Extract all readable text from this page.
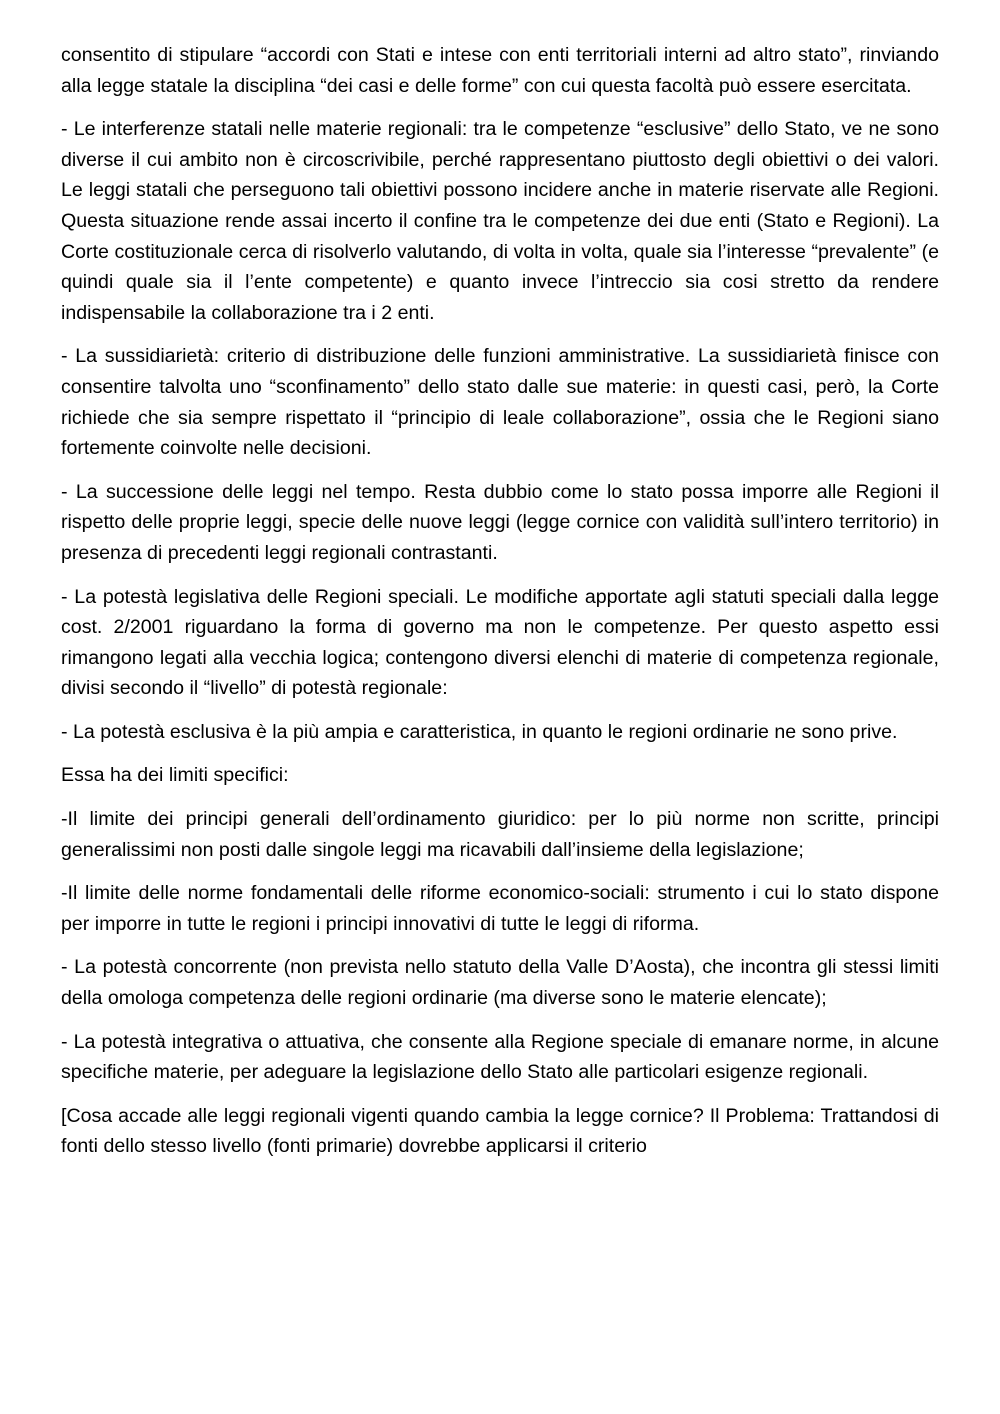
consentito di stipulare “accordi con Stati e intese con enti territoriali interni ad altro stato”, rinviando alla legge statale la disciplina “dei casi e delle forme” con cui questa facoltà può essere esercitata.

- Le interferenze statali nelle materie regionali: tra le competenze “esclusive” dello Stato, ve ne sono diverse il cui ambito non è circoscrivibile, perché rappresentano piuttosto degli obiettivi o dei valori. Le leggi statali che perseguono tali obiettivi possono incidere anche in materie riservate alle Regioni. Questa situazione rende assai incerto il confine tra le competenze dei due enti (Stato e Regioni). La Corte costituzionale cerca di risolverlo valutando, di volta in volta, quale sia l’interesse “prevalente” (e quindi quale sia il l’ente competente) e quanto invece l’intreccio sia cosi stretto da rendere indispensabile la collaborazione tra i 2 enti.

- La sussidiarietà: criterio di distribuzione delle funzioni amministrative. La sussidiarietà finisce con consentire talvolta uno “sconfinamento” dello stato dalle sue materie: in questi casi, però, la Corte richiede che sia sempre rispettato il “principio di leale collaborazione”, ossia che le Regioni siano fortemente coinvolte nelle decisioni.

- La successione delle leggi nel tempo. Resta dubbio come lo stato possa imporre alle Regioni il rispetto delle proprie leggi, specie delle nuove leggi (legge cornice con validità sull’intero territorio) in presenza di precedenti leggi regionali contrastanti.

- La potestà legislativa delle Regioni speciali. Le modifiche apportate agli statuti speciali dalla legge cost. 2/2001 riguardano la forma di governo ma non le competenze. Per questo aspetto essi rimangono legati alla vecchia logica; contengono diversi elenchi di materie di competenza regionale, divisi secondo il “livello” di potestà regionale:

- La potestà esclusiva è la più ampia e caratteristica, in quanto le regioni ordinarie ne sono prive.

Essa ha dei limiti specifici:

-Il limite dei principi generali dell’ordinamento giuridico: per lo più norme non scritte, principi generalissimi non posti dalle singole leggi ma ricavabili dall’insieme della legislazione;

-Il limite delle norme fondamentali delle riforme economico-sociali: strumento i cui lo stato dispone per imporre in tutte le regioni i principi innovativi di tutte le leggi di riforma.

- La potestà concorrente (non prevista nello statuto della Valle D’Aosta), che incontra gli stessi limiti della omologa competenza delle regioni ordinarie (ma diverse sono le materie elencate);

- La potestà integrativa o attuativa, che consente alla Regione speciale di emanare norme, in alcune specifiche materie, per adeguare la legislazione dello Stato alle particolari esigenze regionali.

[Cosa accade alle leggi regionali vigenti quando cambia la legge cornice? Il Problema: Trattandosi di fonti dello stesso livello (fonti primarie) dovrebbe applicarsi il criterio
